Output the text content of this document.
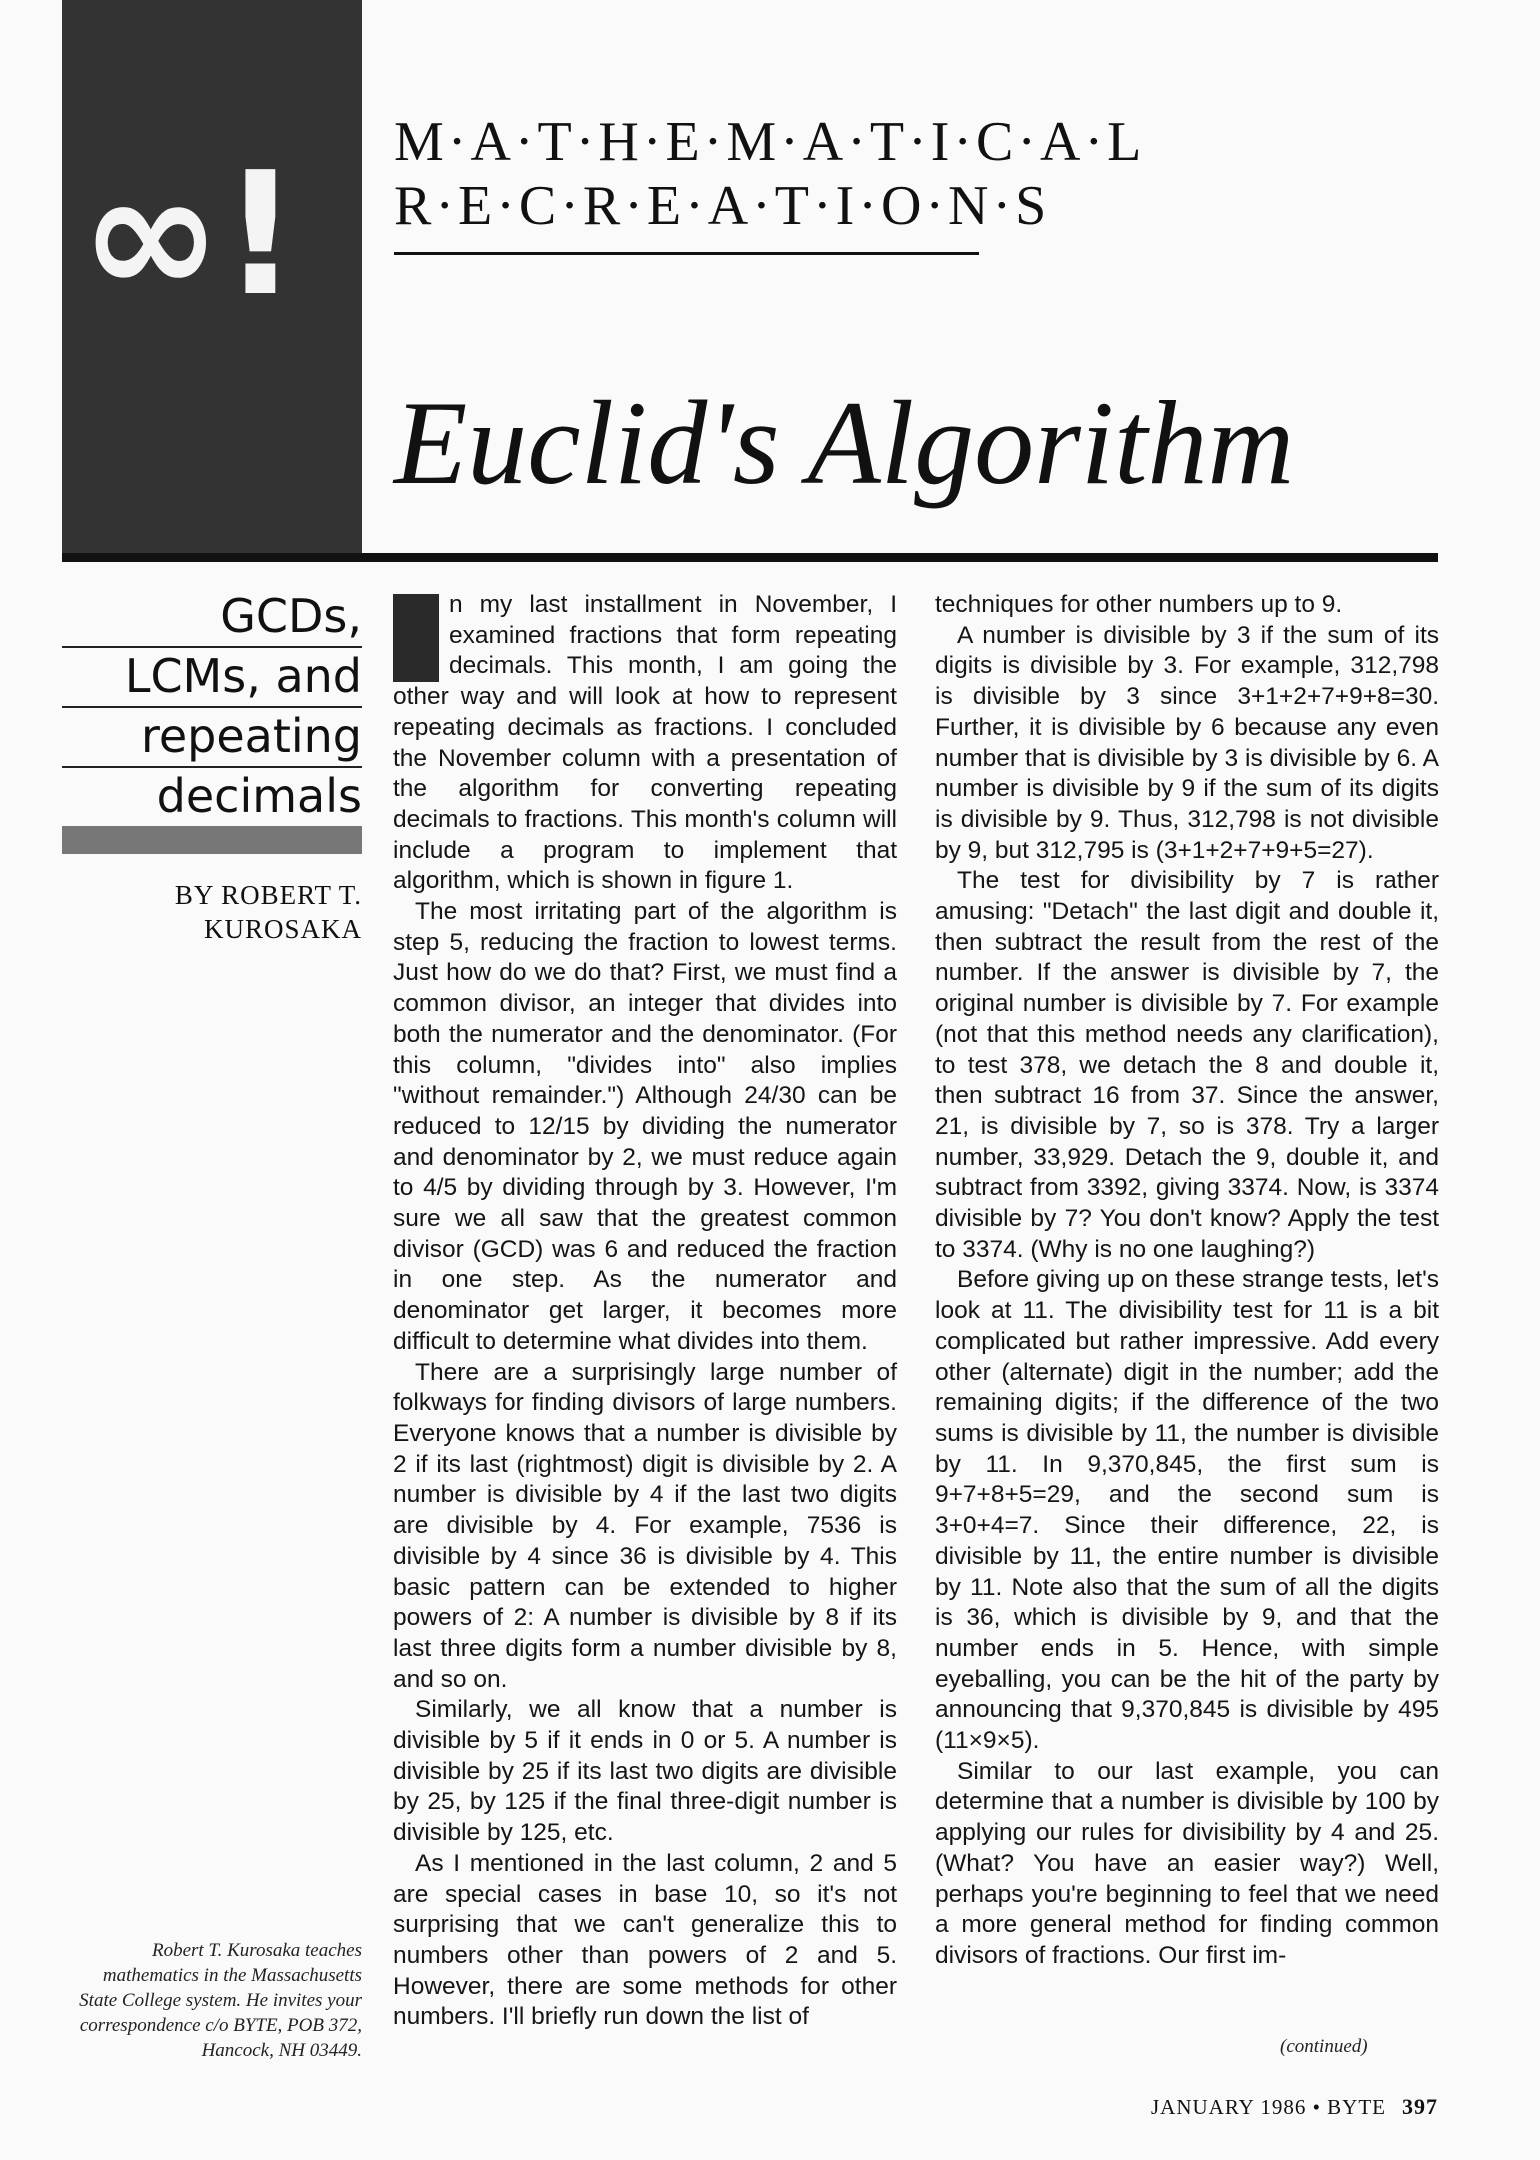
∞! M·A·T·H·E·M·A·T·I·C·A·L
R·E·C·R·E·A·T·I·O·N·S
Euclid's Algorithm
GCDs,
LCMs, and
repeating
decimals
BY ROBERT T.
KUROSAKA

n my last installment in November, I examined fractions that form repeating decimals. This month, I am going the other way and will look at how to represent repeating decimals as fractions. I concluded the November column with a presentation of the algorithm for converting repeating decimals to fractions. This month's column will include a program to implement that algorithm, which is shown in figure 1.

The most irritating part of the algorithm is step 5, reducing the fraction to lowest terms. Just how do we do that? First, we must find a common divisor, an integer that divides into both the numerator and the denominator. (For this column, "divides into" also implies "without remainder.") Although 24/30 can be reduced to 12/15 by dividing the numerator and denominator by 2, we must reduce again to 4/5 by dividing through by 3. However, I'm sure we all saw that the greatest common divisor (GCD) was 6 and reduced the fraction in one step. As the numerator and denominator get larger, it becomes more difficult to determine what divides into them.

There are a surprisingly large number of folkways for finding divisors of large numbers. Everyone knows that a number is divisible by 2 if its last (rightmost) digit is divisible by 2. A number is divisible by 4 if the last two digits are divisible by 4. For example, 7536 is divisible by 4 since 36 is divisible by 4. This basic pattern can be extended to higher powers of 2: A number is divisible by 8 if its last three digits form a number divisible by 8, and so on.

Similarly, we all know that a number is divisible by 5 if it ends in 0 or 5. A number is divisible by 25 if its last two digits are divisible by 25, by 125 if the final three-digit number is divisible by 125, etc.

As I mentioned in the last column, 2 and 5 are special cases in base 10, so it's not surprising that we can't generalize this to numbers other than powers of 2 and 5. However, there are some methods for other numbers. I'll briefly run down the list of

techniques for other numbers up to 9.

A number is divisible by 3 if the sum of its digits is divisible by 3. For example, 312,798 is divisible by 3 since 3+1+2+7+9+8=30. Further, it is divisible by 6 because any even number that is divisible by 3 is divisible by 6. A number is divisible by 9 if the sum of its digits is divisible by 9. Thus, 312,798 is not divisible by 9, but 312,795 is (3+1+2+7+9+5=27).

The test for divisibility by 7 is rather amusing: "Detach" the last digit and double it, then subtract the result from the rest of the number. If the answer is divisible by 7, the original number is divisible by 7. For example (not that this method needs any clarification), to test 378, we detach the 8 and double it, then subtract 16 from 37. Since the answer, 21, is divisible by 7, so is 378. Try a larger number, 33,929. Detach the 9, double it, and subtract from 3392, giving 3374. Now, is 3374 divisible by 7? You don't know? Apply the test to 3374. (Why is no one laughing?)

Before giving up on these strange tests, let's look at 11. The divisibility test for 11 is a bit complicated but rather impressive. Add every other (alternate) digit in the number; add the remaining digits; if the difference of the two sums is divisible by 11, the number is divisible by 11. In 9,370,845, the first sum is 9+7+8+5=29, and the second sum is 3+0+4=7. Since their difference, 22, is divisible by 11, the entire number is divisible by 11. Note also that the sum of all the digits is 36, which is divisible by 9, and that the number ends in 5. Hence, with simple eyeballing, you can be the hit of the party by announcing that 9,370,845 is divisible by 495 (11×9×5).

Similar to our last example, you can determine that a number is divisible by 100 by applying our rules for divisibility by 4 and 25. (What? You have an easier way?) Well, perhaps you're beginning to feel that we need a more general method for finding common divisors of fractions. Our first im-

(continued)
Robert T. Kurosaka teaches mathematics in the Massachusetts State College system. He invites your correspondence c/o BYTE, POB 372, Hancock, NH 03449.
JANUARY 1986 • BYTE 397
